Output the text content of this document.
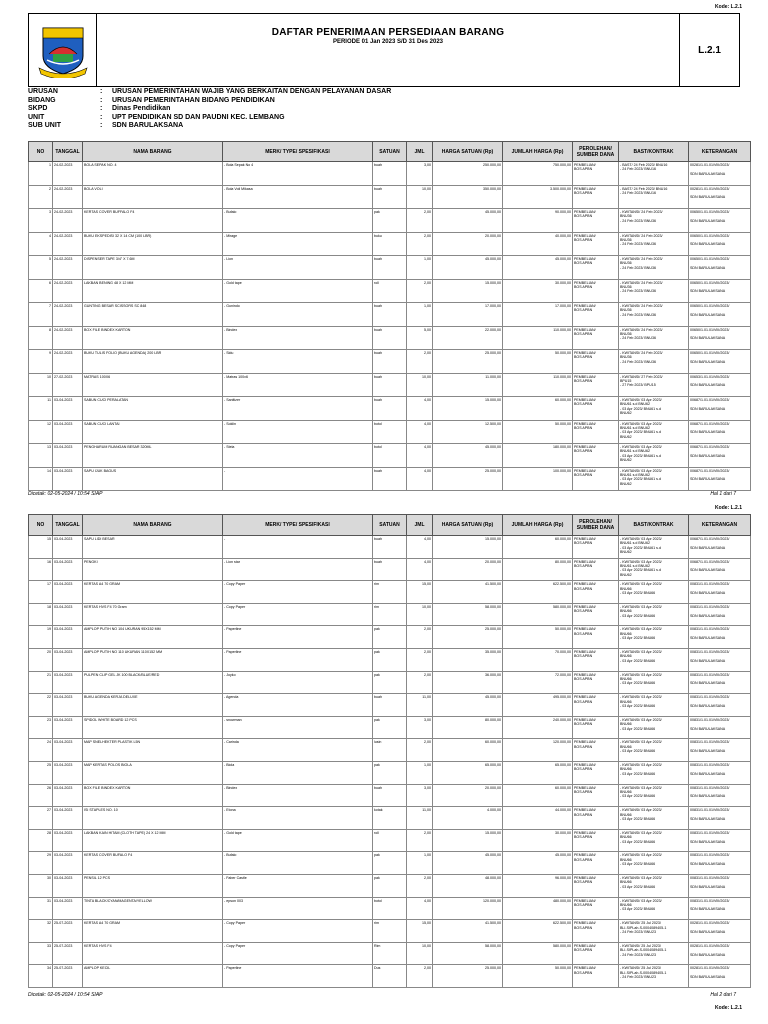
Kode: L.2.1
DAFTAR PENERIMAAN PERSEDIAAN BARANG
PERIODE 01 Jan 2023 S/D 31 Des 2023
L.2.1
URUSAN	:	URUSAN PEMERINTAHAN WAJIB YANG BERKAITAN DENGAN PELAYANAN DASAR
BIDANG	:	URUSAN PEMERINTAHAN BIDANG PENDIDIKAN
SKPD	:	Dinas Pendidikan
UNIT	:	UPT PENDIDIKAN SD DAN PAUDNI KEC. LEMBANG
SUB UNIT	:	SDN BARULAKSANA
NO	TANGGAL	NAMA BARANG	MERK/ TYPE/ SPESIFIKASI	SATUAN	JML	HARGA SATUAN (Rp)	JUMLAH HARGA (Rp)	PEROLEHAN/
SUMBER DANA	BAST/KONTRAK	KETERANGAN
1	24-02-2023	BOLA SEPAK NO. 4	- Bola Sepak No 4	buah	3,00	250.000,00	750.000,00	PEMBELIAN/
BOS APBN	- BAST/ 24 Feb 2023/ BNU16
- 24 Feb 2023/ BNU16	00281/1.01.01/VIII/2023/

SDN BARULAKSANA
2	24-02-2023	BOLA VOLI	- Bola Voli Mikasa	buah	10,00	350.000,00	3.500.000,00	PEMBELIAN/
BOS APBN	- BAST/ 24 Feb 2023/ BNU16
- 24 Feb 2023/ BNU16	00281/1.01.01/VIII/2023/

SDN BARULAKSANA
3	24-02-2023	KERTAS COVER BUFFALO F4	- Bufalo	pak	2,00	45.000,00	90.000,00	PEMBELIAN/
BOS APBN	- KWITANSI/ 24 Feb 2023/
BNU36
- 24 Feb 2023/ BNU36	00650/1.01.01/VIII/2023/

SDN BARULAKSANA
4	24-02-2023	BUKU EKSPEDISI 32 X 14 CM (100 LBR)	- Mirage	buku	2,00	20.000,00	40.000,00	PEMBELIAN/
BOS APBN	- KWITANSI/ 24 Feb 2023/
BNU36
- 24 Feb 2023/ BNU36	00650/1.01.01/VIII/2023/

SDN BARULAKSANA
5	24-02-2023	DISPENSER TAPE 3/4" X 7.6M	- Lion	buah	1,00	45.000,00	45.000,00	PEMBELIAN/
BOS APBN	- KWITANSI/ 24 Feb 2023/
BNU36
- 24 Feb 2023/ BNU36	00650/1.01.01/VIII/2023/

SDN BARULAKSANA
6	24-02-2023	LAKBAN BENING 48 X 12 MM	- Gold tape	roll	2,00	15.000,00	30.000,00	PEMBELIAN/
BOS APBN	- KWITANSI/ 24 Feb 2023/
BNU36
- 24 Feb 2023/ BNU36	00650/1.01.01/VIII/2023/

SDN BARULAKSANA
7	24-02-2023	GUNTING BESAR SCISSORS SC 848	- Gunindo	buah	1,00	17.000,00	17.000,00	PEMBELIAN/
BOS APBN	- KWITANSI/ 24 Feb 2023/
BNU36
- 24 Feb 2023/ BNU36	00650/1.01.01/VIII/2023/

SDN BARULAKSANA
8	24-02-2023	BOX FILE BINDEX KARTON	- Bindex	buah	5,00	22.000,00	110.000,00	PEMBELIAN/
BOS APBN	- KWITANSI/ 24 Feb 2023/
BNU36
- 24 Feb 2023/ BNU36	00650/1.01.01/VIII/2023/

SDN BARULAKSANA
9	24-02-2023	BUKU TULIS FOLIO (BUKU AGENDA) 200 LBR	- Sidu	buah	2,00	25.000,00	50.000,00	PEMBELIAN/
BOS APBN	- KWITANSI/ 24 Feb 2023/
BNU36
- 24 Feb 2023/ BNU36	00650/1.01.01/VIII/2023/

SDN BARULAKSANA
10	27-02-2023	MATRAS 100X6	- Matras 100x6	buah	10,00	11.000,00	110.000,00	PEMBELIAN/
BOS APBN	- KWITANSI/ 27 Feb 2023/
BPU15
- 27 Feb 2023/ BPU15	00653/1.01.01/VIII/2023/

SDN BARULAKSANA
11	03-04-2023	SABUN CUCI PERALATAN	- Sanitizer	buah	4,00	15.000,00	60.000,00	PEMBELIAN/
BOS APBN	- KWITANSI/ 03 Apr 2023/
BNU61 s.d BNU62
- 03 Apr 2023/ BNU61 s.d
BNU62	00687/1.01.01/VIII/2023/

SDN BARULAKSANA
12	03-04-2023	SABUN CUCI LANTAI	- Soklin	botol	4,00	12.500,00	50.000,00	PEMBELIAN/
BOS APBN	- KWITANSI/ 03 Apr 2023/
BNU61 s.d BNU62
- 03 Apr 2023/ BNU61 s.d
BNU62	00687/1.01.01/VIII/2023/

SDN BARULAKSANA
13	03-04-2023	PENGHARUM RUANGAN BESAR 320ML	- Stela	botol	4,00	45.000,00	180.000,00	PEMBELIAN/
BOS APBN	- KWITANSI/ 03 Apr 2023/
BNU61 s.d BNU62
- 03 Apr 2023/ BNU61 s.d
BNU62	00687/1.01.01/VIII/2023/

SDN BARULAKSANA
14	03-04-2023	SAPU IJUK BAGUS	-	buah	4,00	25.000,00	100.000,00	PEMBELIAN/
BOS APBN	- KWITANSI/ 03 Apr 2023/
BNU61 s.d BNU62
- 03 Apr 2023/ BNU61 s.d
BNU62	00687/1.01.01/VIII/2023/

SDN BARULAKSANA
Dicetak: 02-05-2024 / 10:54 SIAP	Hal 1 dari 7
Kode: L.2.1
NO	TANGGAL	NAMA BARANG	MERK/ TYPE/ SPESIFIKASI	SATUAN	JML	HARGA SATUAN (Rp)	JUMLAH HARGA (Rp)	PEROLEHAN/
SUMBER DANA	BAST/KONTRAK	KETERANGAN
15	03-04-2023	SAPU LIDI BESAR	-	buah	4,00	15.000,00	60.000,00	PEMBELIAN/
BOS APBN	- KWITANSI/ 03 Apr 2023/
BNU61 s.d BNU62
- 03 Apr 2023/ BNU61 s.d
BNU62	00687/1.01.01/VIII/2023/

SDN BARULAKSANA
16	03-04-2023	PENGKI	- Lion star	buah	4,00	20.000,00	80.000,00	PEMBELIAN/
BOS APBN	- KWITANSI/ 03 Apr 2023/
BNU61 s.d BNU62
- 03 Apr 2023/ BNU61 s.d
BNU62	00687/1.01.01/VIII/2023/

SDN BARULAKSANA
17	03-04-2023	KERTAS A4 70 GRAM	- Copy Paper	rim	15,00	41.500,00	622.500,00	PEMBELIAN/
BOS APBN	- KWITANSI/ 03 Apr 2023/
BNU66
- 03 Apr 2023/ BNU66	00831/1.01.01/VIII/2023/

SDN BARULAKSANA
18	03-04-2023	KERTAS HVS F4 70 Gram	- Copy Paper	rim	10,00	58.000,00	580.000,00	PEMBELIAN/
BOS APBN	- KWITANSI/ 03 Apr 2023/
BNU66
- 03 Apr 2023/ BNU66	00831/1.01.01/VIII/2023/

SDN BARULAKSANA
19	03-04-2023	AMPLOP PUTIH NO 104 UKURAN 95X152 MM	- Paperline	pak	2,00	25.000,00	50.000,00	PEMBELIAN/
BOS APBN	- KWITANSI/ 03 Apr 2023/
BNU66
- 03 Apr 2023/ BNU66	00831/1.01.01/VIII/2023/

SDN BARULAKSANA
20	03-04-2023	AMPLOP PUTIH NO 110 UKURAN 110X152 MM	- Paperline	pak	2,00	35.000,00	70.000,00	PEMBELIAN/
BOS APBN	- KWITANSI/ 03 Apr 2023/
BNU66
- 03 Apr 2023/ BNU66	00831/1.01.01/VIII/2023/

SDN BARULAKSANA
21	03-04-2023	PULPEN CLIP GEL JK 100 BLACK/BLUE/RED	- Joyko	pak	2,00	36.000,00	72.000,00	PEMBELIAN/
BOS APBN	- KWITANSI/ 03 Apr 2023/
BNU66
- 03 Apr 2023/ BNU66	00831/1.01.01/VIII/2023/

SDN BARULAKSANA
22	03-04-2023	BUKU AGENDA KERJA DELUXE	- Agenda	buah	11,00	45.000,00	495.000,00	PEMBELIAN/
BOS APBN	- KWITANSI/ 03 Apr 2023/
BNU66
- 03 Apr 2023/ BNU66	00831/1.01.01/VIII/2023/

SDN BARULAKSANA
23	03-04-2023	SPIDOL WHITE BOARD 12 PCS	- snowman	pak	3,00	80.000,00	240.000,00	PEMBELIAN/
BOS APBN	- KWITANSI/ 03 Apr 2023/
BNU66
- 03 Apr 2023/ BNU66	00831/1.01.01/VIII/2023/

SDN BARULAKSANA
24	03-04-2023	MAP SNELHEKTER PLASTIK L5N	- Carinda	lusin	2,00	60.000,00	120.000,00	PEMBELIAN/
BOS APBN	- KWITANSI/ 03 Apr 2023/
BNU66
- 03 Apr 2023/ BNU66	00831/1.01.01/VIII/2023/

SDN BARULAKSANA
25	03-04-2023	MAP KERTAS POLOS BIOLA	- Biola	pak	1,00	65.000,00	65.000,00	PEMBELIAN/
BOS APBN	- KWITANSI/ 03 Apr 2023/
BNU66
- 03 Apr 2023/ BNU66	00831/1.01.01/VIII/2023/

SDN BARULAKSANA
26	03-04-2023	BOX FILE BINDEX KARTON	- Bindex	buah	3,00	20.000,00	60.000,00	PEMBELIAN/
BOS APBN	- KWITANSI/ 03 Apr 2023/
BNU66
- 03 Apr 2023/ BNU66	00831/1.01.01/VIII/2023/

SDN BARULAKSANA
27	03-04-2023	ISI STAPLES NO. 10	- Etona	kotak	11,00	4.000,00	44.000,00	PEMBELIAN/
BOS APBN	- KWITANSI/ 03 Apr 2023/
BNU66
- 03 Apr 2023/ BNU66	00831/1.01.01/VIII/2023/

SDN BARULAKSANA
28	03-04-2023	LAKBAN KAIN HITAM (CLOTH TAPE) 24 X 12 MM	- Gold tape	roll	2,00	15.000,00	30.000,00	PEMBELIAN/
BOS APBN	- KWITANSI/ 03 Apr 2023/
BNU66
- 03 Apr 2023/ BNU66	00831/1.01.01/VIII/2023/

SDN BARULAKSANA
29	03-04-2023	KERTAS COVER BUFALO F4	- Bufalo	pak	1,00	45.000,00	45.000,00	PEMBELIAN/
BOS APBN	- KWITANSI/ 03 Apr 2023/
BNU66
- 03 Apr 2023/ BNU66	00831/1.01.01/VIII/2023/

SDN BARULAKSANA
30	03-04-2023	PENSIL 12 PCS	- Faber Castle	pak	2,00	48.000,00	96.000,00	PEMBELIAN/
BOS APBN	- KWITANSI/ 03 Apr 2023/
BNU66
- 03 Apr 2023/ BNU66	00831/1.01.01/VIII/2023/

SDN BARULAKSANA
31	03-04-2023	TINTA BLACK/CYAN/MAGENTA/YELLOW	- epson 003	botol	4,00	120.000,00	480.000,00	PEMBELIAN/
BOS APBN	- KWITANSI/ 03 Apr 2023/
BNU66
- 03 Apr 2023/ BNU66	00831/1.01.01/VIII/2023/

SDN BARULAKSANA
32	25-07-2023	KERTAS A4 70 GRAM	- Copy Paper	rim	15,00	41.500,00	622.500,00	PEMBELIAN/
BOS APBN	- KWITANSI/ 25 Jul 2023/
BLI-SIPLah-S-0004089405-1
- 24 Feb 2023/ BNU23	00281/1.01.01/VIII/2023/

SDN BARULAKSANA
33	25-07-2023	KERTAS HVS F4	- Copy Paper	Rim	10,00	58.000,00	580.000,00	PEMBELIAN/
BOS APBN	- KWITANSI/ 25 Jul 2023/
BLI-SIPLah-S-0004089405-1
- 24 Feb 2023/ BNU23	00281/1.01.01/VIII/2023/

SDN BARULAKSANA
34	25-07-2023	AMPLOP KECIL	- Paperline	Dus	2,00	25.000,00	50.000,00	PEMBELIAN/
BOS APBN	- KWITANSI/ 25 Jul 2023/
BLI-SIPLah-S-0004089405-1
- 24 Feb 2023/ BNU23	00281/1.01.01/VIII/2023/

SDN BARULAKSANA
Dicetak: 02-05-2024 / 10:54 SIAP	Hal 2 dari 7
Kode: L.2.1
